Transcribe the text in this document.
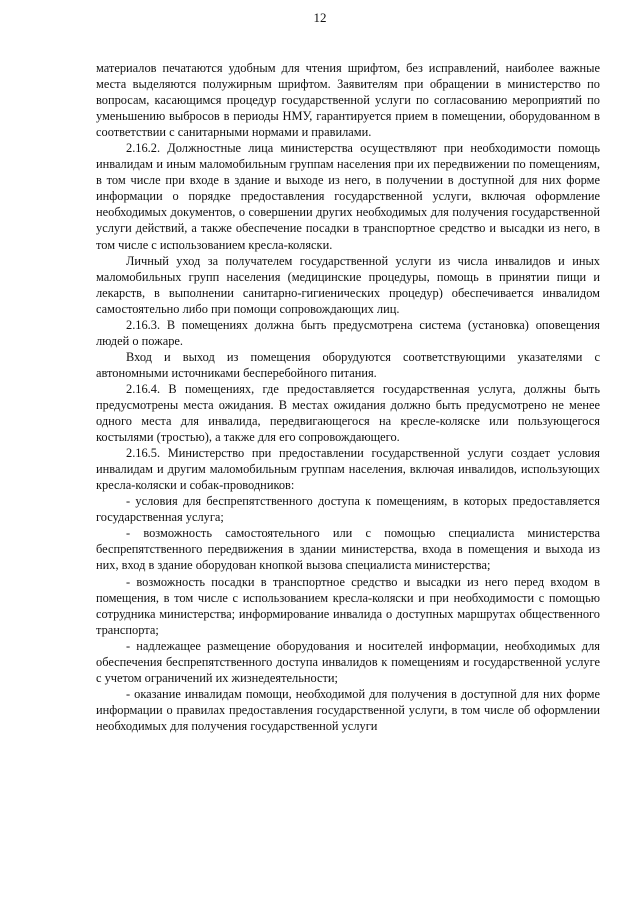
12

материалов печатаются удобным для чтения шрифтом, без исправлений, наиболее важные места выделяются полужирным шрифтом. Заявителям при обращении в министерство по вопросам, касающимся процедур государственной услуги по согласованию мероприятий по уменьшению выбросов в периоды НМУ, гарантируется прием в помещении, оборудованном в соответствии с санитарными нормами и правилами.

2.16.2. Должностные лица министерства осуществляют при необходимости помощь инвалидам и иным маломобильным группам населения при их передвижении по помещениям, в том числе при входе в здание и выходе из него, в получении в доступной для них форме информации о порядке предоставления государственной услуги, включая оформление необходимых документов, о совершении других необходимых для получения государственной услуги действий, а также обеспечение посадки в транспортное средство и высадки из него, в том числе с использованием кресла-коляски.

Личный уход за получателем государственной услуги из числа инвалидов и иных маломобильных групп населения (медицинские процедуры, помощь в принятии пищи и лекарств, в выполнении санитарно-гигиенических процедур) обеспечивается инвалидом самостоятельно либо при помощи сопровождающих лиц.

2.16.3. В помещениях должна быть предусмотрена система (установка) оповещения людей о пожаре.

Вход и выход из помещения оборудуются соответствующими указателями с автономными источниками бесперебойного питания.

2.16.4. В помещениях, где предоставляется государственная услуга, должны быть предусмотрены места ожидания. В местах ожидания должно быть предусмотрено не менее одного места для инвалида, передвигающегося на кресле-коляске или пользующегося костылями (тростью), а также для его сопровождающего.

2.16.5. Министерство при предоставлении государственной услуги создает условия инвалидам и другим маломобильным группам населения, включая инвалидов, использующих кресла-коляски и собак-проводников:

- условия для беспрепятственного доступа к помещениям, в которых предоставляется государственная услуга;

- возможность самостоятельного или с помощью специалиста министерства беспрепятственного передвижения в здании министерства, входа в помещения и выхода из них, вход в здание оборудован кнопкой вызова специалиста министерства;

- возможность посадки в транспортное средство и высадки из него перед входом в помещения, в том числе с использованием кресла-коляски и при необходимости с помощью сотрудника министерства; информирование инвалида о доступных маршрутах общественного транспорта;

- надлежащее размещение оборудования и носителей информации, необходимых для обеспечения беспрепятственного доступа инвалидов к помещениям и государственной услуге с учетом ограничений их жизнедеятельности;

- оказание инвалидам помощи, необходимой для получения в доступной для них форме информации о правилах предоставления государственной услуги, в том числе об оформлении необходимых для получения государственной услуги
